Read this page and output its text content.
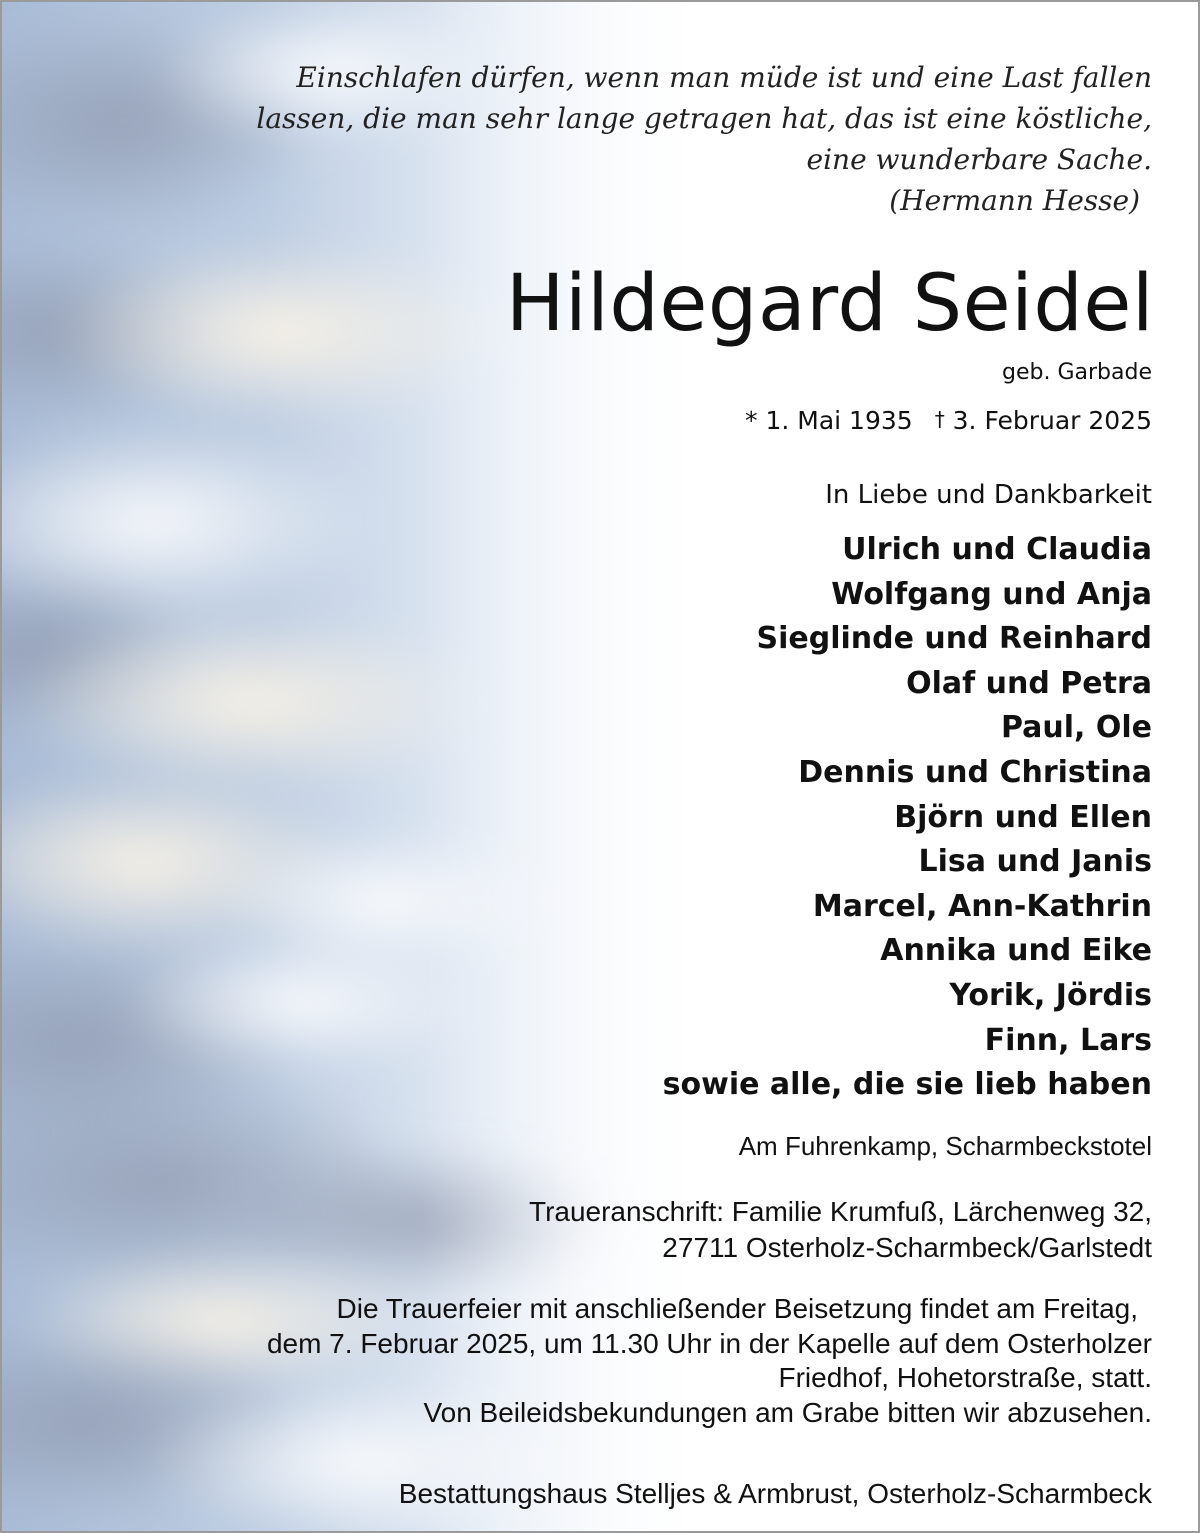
Einschlafen dürfen, wenn man müde ist und eine Last fallen
lassen, die man sehr lange getragen hat, das ist eine köstliche,
eine wunderbare Sache.
(Hermann Hesse)
Hildegard Seidel
geb. Garbade
* 1. Mai 1935 † 3. Februar 2025
In Liebe und Dankbarkeit
Ulrich und Claudia
Wolfgang und Anja
Sieglinde und Reinhard
Olaf und Petra
Paul, Ole
Dennis und Christina
Björn und Ellen
Lisa und Janis
Marcel, Ann-Kathrin
Annika und Eike
Yorik, Jördis
Finn, Lars
sowie alle, die sie lieb haben
Am Fuhrenkamp, Scharmbeckstotel
Traueranschrift: Familie Krumfuß, Lärchenweg 32,
27711 Osterholz-Scharmbeck/Garlstedt
Die Trauerfeier mit anschließender Beisetzung findet am Freitag,
dem 7. Februar 2025, um 11.30 Uhr in der Kapelle auf dem Osterholzer
Friedhof, Hohetorstraße, statt.
Von Beileidsbekundungen am Grabe bitten wir abzusehen.
Bestattungshaus Stelljes & Armbrust, Osterholz-Scharmbeck
